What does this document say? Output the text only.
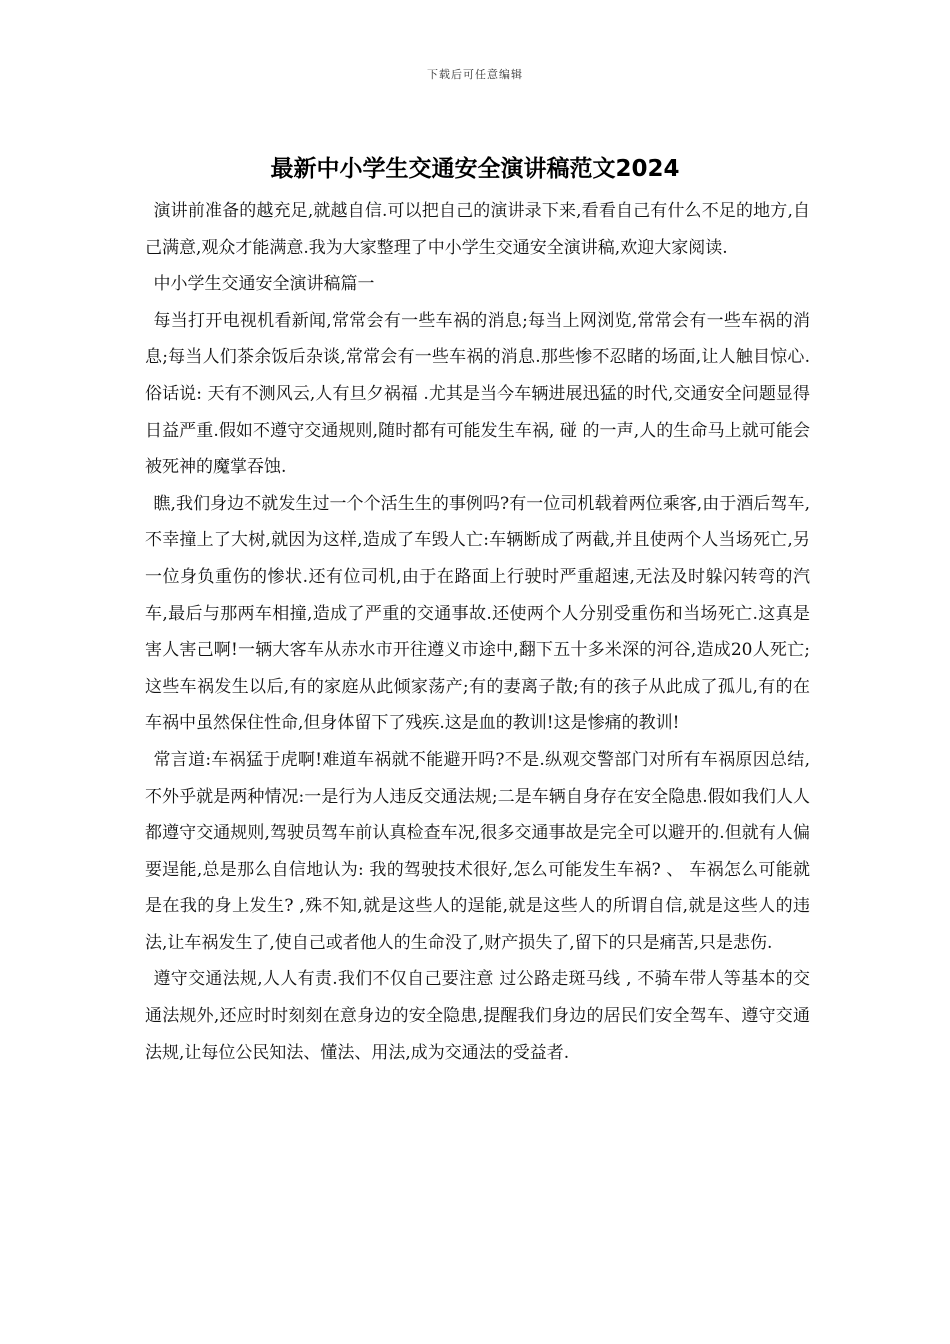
下载后可任意编辑
最新中小学生交通安全演讲稿范文2024

演讲前准备的越充足,就越自信.可以把自己的演讲录下来,看看自己有什么不足的地方,自己满意,观众才能满意.我为大家整理了中小学生交通安全演讲稿,欢迎大家阅读.

中小学生交通安全演讲稿篇一

每当打开电视机看新闻,常常会有一些车祸的消息;每当上网浏览,常常会有一些车祸的消息;每当人们茶余饭后杂谈,常常会有一些车祸的消息.那些惨不忍睹的场面,让人触目惊心.俗话说: 天有不测风云,人有旦夕祸福 .尤其是当今车辆进展迅猛的时代,交通安全问题显得日益严重.假如不遵守交通规则,随时都有可能发生车祸, 碰 的一声,人的生命马上就可能会被死神的魔掌吞蚀.

瞧,我们身边不就发生过一个个活生生的事例吗?有一位司机载着两位乘客,由于酒后驾车,不幸撞上了大树,就因为这样,造成了车毁人亡:车辆断成了两截,并且使两个人当场死亡,另一位身负重伤的惨状.还有位司机,由于在路面上行驶时严重超速,无法及时躲闪转弯的汽车,最后与那两车相撞,造成了严重的交通事故.还使两个人分别受重伤和当场死亡.这真是害人害己啊!一辆大客车从赤水市开往遵义市途中,翻下五十多米深的河谷,造成20人死亡;这些车祸发生以后,有的家庭从此倾家荡产;有的妻离子散;有的孩子从此成了孤儿,有的在车祸中虽然保住性命,但身体留下了残疾.这是血的教训!这是惨痛的教训!

常言道:车祸猛于虎啊!难道车祸就不能避开吗?不是.纵观交警部门对所有车祸原因总结,不外乎就是两种情况:一是行为人违反交通法规;二是车辆自身存在安全隐患.假如我们人人都遵守交通规则,驾驶员驾车前认真检查车况,很多交通事故是完全可以避开的.但就有人偏要逞能,总是那么自信地认为: 我的驾驶技术很好,怎么可能发生车祸? 、 车祸怎么可能就是在我的身上发生? ,殊不知,就是这些人的逞能,就是这些人的所谓自信,就是这些人的违法,让车祸发生了,使自己或者他人的生命没了,财产损失了,留下的只是痛苦,只是悲伤.

遵守交通法规,人人有责.我们不仅自己要注意 过公路走斑马线 , 不骑车带人等基本的交通法规外,还应时时刻刻在意身边的安全隐患,提醒我们身边的居民们安全驾车、遵守交通法规,让每位公民知法、懂法、用法,成为交通法的受益者.
